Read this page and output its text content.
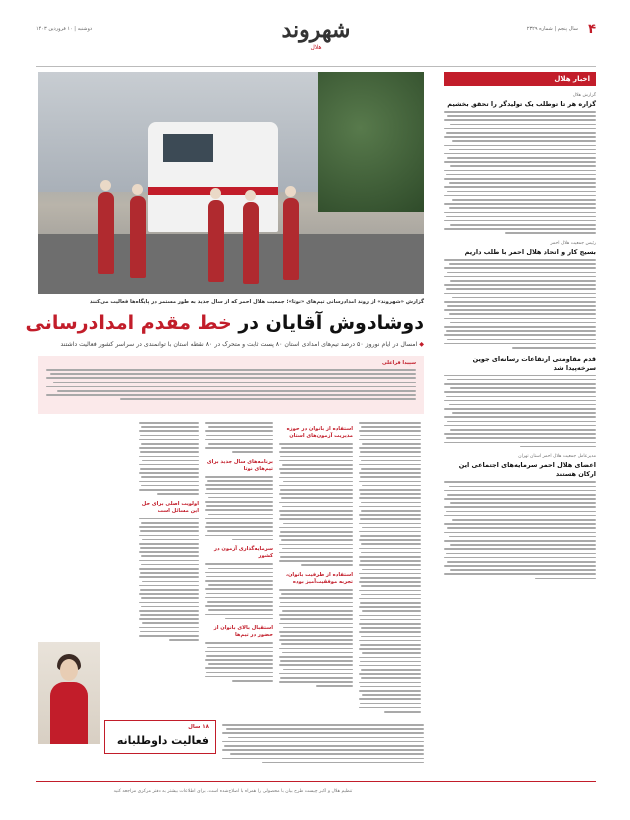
۴
سال پنجم | شماره ۲۳۲۹
شهروند
هلال
دوشنبه | ۱۰ فروردین ۱۴۰۳
اخبار هلال
گزارش هلال
گزاره هر تا توطلب یک تولیدگر را تحقق بخشیم
رئیس جمعیت هلال احمر
بسیج کار و اتحاد هلال احمر با طلب داریم
قدم مقاومتی ارتقاعات رسانه‌ای جوین سرخه‌پیدا شد
مدیرعامل جمعیت هلال احمر استان تهران
اعضای هلال احمر سرمایه‌های اجتماعی این ارکان هستند
گزارش «شهروند» از روند امدادرسانی تیم‌های «نوتا»؛ جمعیت هلال احمر که از سال جدید به طور مستمر در پایگاه‌ها فعالیت می‌کنند
دوشادوش آقایان در خط مقدم امدادرسانی
◆ امسال در ایام نوروز ۵۰ درصد تیم‌های امدادی استان ۸۰ پست ثابت و متحرک در ۸۰ نقطه استان با توانمندی در سراسر کشور فعالیت داشتند
سپیدا قراعلی
استفاده از بانوان در حوزه مدیریت آزمون‌های استان
استفاده از ظرفیت بانوان، تجربه موفقیت‌آمیز بوده
برنامه‌های سال جدید برای تیم‌های نوتا
سرمایه‌گذاری آزمون در کشور
استقبال بالای بانوان از حضور در تیم‌ها
اولویت اصلی برای حل این مسائل است
۱۸ سال
فعالیت داوطلبانه
تنظیم هلال و اکبر چیست طرح بیان با محصولی را همراه با اصلاح‌شده است، برای اطلاعات بیشتر به دفتر مرکزی مراجعه کنید
